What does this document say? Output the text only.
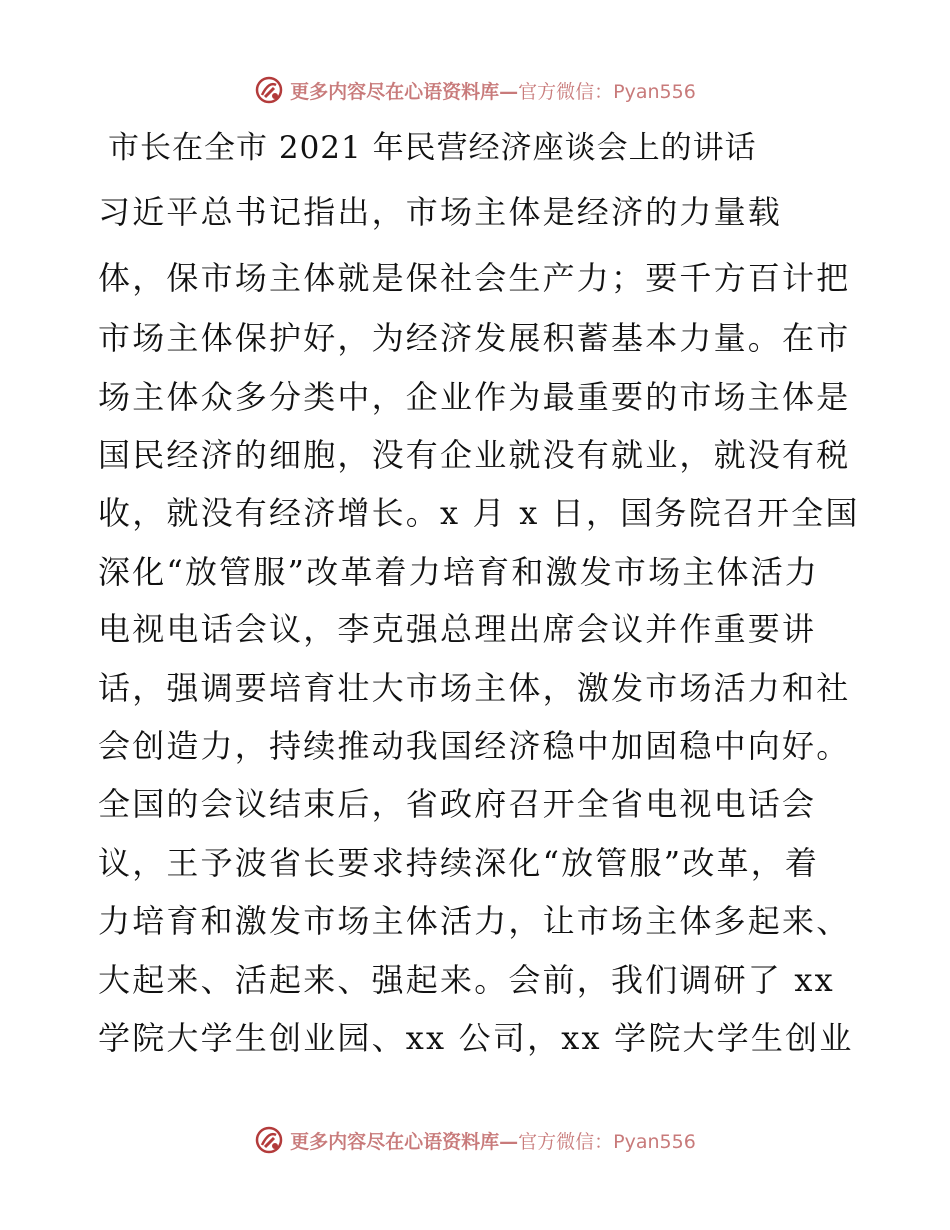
更多内容尽在心语资料库— 官方微信：Pyan556
市长在全市 2021 年民营经济座谈会上的讲话
习近平总书记指出，市场主体是经济的力量载
体，保市场主体就是保社会生产力；要千方百计把
市场主体保护好，为经济发展积蓄基本力量。在市
场主体众多分类中，企业作为最重要的市场主体是
国民经济的细胞，没有企业就没有就业，就没有税
收，就没有经济增长。x 月 x 日，国务院召开全国
深化“放管服”改革着力培育和激发市场主体活力
电视电话会议，李克强总理出席会议并作重要讲
话，强调要培育壮大市场主体，激发市场活力和社
会创造力，持续推动我国经济稳中加固稳中向好。
全国的会议结束后，省政府召开全省电视电话会
议，王予波省长要求持续深化“放管服”改革，着
力培育和激发市场主体活力，让市场主体多起来、
大起来、活起来、强起来。会前，我们调研了 xx
学院大学生创业园、xx 公司，xx 学院大学生创业
更多内容尽在心语资料库— 官方微信：Pyan556
